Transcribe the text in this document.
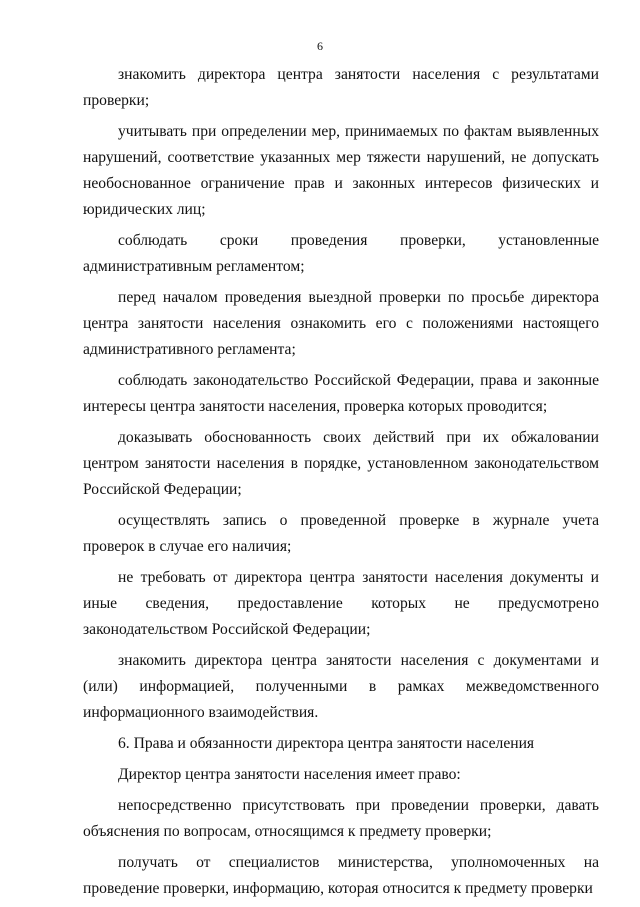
6

знакомить директора центра занятости населения с результатами проверки;

учитывать при определении мер, принимаемых по фактам выявленных нарушений, соответствие указанных мер тяжести нарушений, не допускать необоснованное ограничение прав и законных интересов физических и юридических лиц;

соблюдать сроки проведения проверки, установленные административным регламентом;

перед началом проведения выездной проверки по просьбе директора центра занятости населения ознакомить его с положениями настоящего административного регламента;

соблюдать законодательство Российской Федерации, права и законные интересы центра занятости населения, проверка которых проводится;

доказывать обоснованность своих действий при их обжаловании центром занятости населения в порядке, установленном законодательством Российской Федерации;

осуществлять запись о проведенной проверке в журнале учета проверок в случае его наличия;

не требовать от директора центра занятости населения документы и иные сведения, предоставление которых не предусмотрено законодательством Российской Федерации;

знакомить директора центра занятости населения с документами и (или) информацией, полученными в рамках межведомственного информационного взаимодействия.

6. Права и обязанности директора центра занятости населения

Директор центра занятости населения имеет право:

непосредственно присутствовать при проведении проверки, давать объяснения по вопросам, относящимся к предмету проверки;

получать от специалистов министерства, уполномоченных на проведение проверки, информацию, которая относится к предмету проверки
